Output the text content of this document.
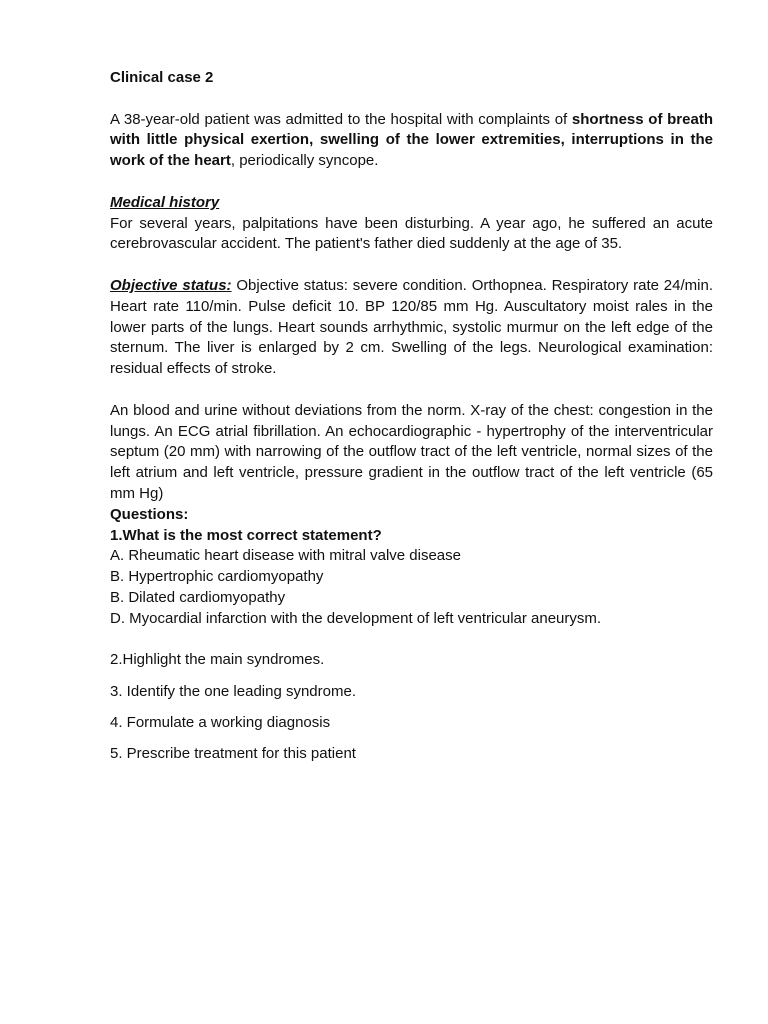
Clinical case 2

A 38-year-old patient was admitted to the hospital with complaints of shortness of breath with little physical exertion, swelling of the lower extremities, interruptions in the work of the heart, periodically syncope.

Medical history

For several years, palpitations have been disturbing. A year ago, he suffered an acute cerebrovascular accident. The patient's father died suddenly at the age of 35.

Objective status: Objective status: severe condition. Orthopnea. Respiratory rate 24/min. Heart rate 110/min. Pulse deficit 10. BP 120/85 mm Hg. Auscultatory moist rales in the lower parts of the lungs. Heart sounds arrhythmic, systolic murmur on the left edge of the sternum. The liver is enlarged by 2 cm. Swelling of the legs. Neurological examination: residual effects of stroke.

An blood and urine without deviations from the norm. X-ray of the chest: congestion in the lungs. An ECG atrial fibrillation. An echocardiographic - hypertrophy of the interventricular septum (20 mm) with narrowing of the outflow tract of the left ventricle, normal sizes of the left atrium and left ventricle, pressure gradient in the outflow tract of the left ventricle (65 mm Hg)

Questions:

1.What is the most correct statement?

A. Rheumatic heart disease with mitral valve disease

B. Hypertrophic cardiomyopathy

B. Dilated cardiomyopathy

D. Myocardial infarction with the development of left ventricular aneurysm.

2.Highlight the main syndromes.

3. Identify the one leading syndrome.

4. Formulate a working diagnosis

5. Prescribe treatment for this patient
